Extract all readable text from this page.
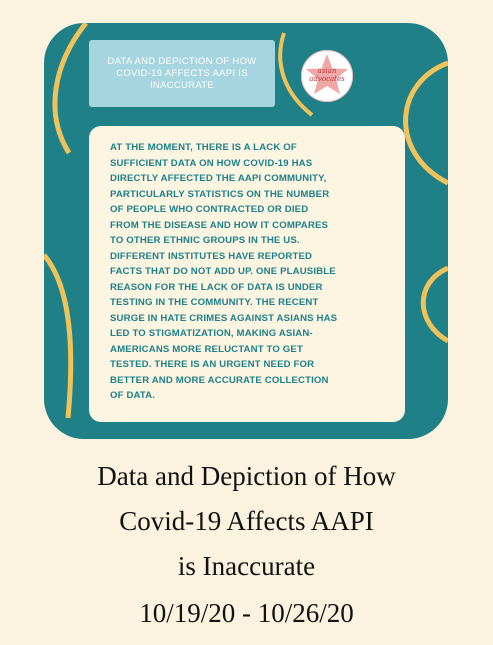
DATA AND DEPICTION OF HOW
COVID-19 AFFECTS AAPI IS
INACCURATE
asian
advocates
AT THE MOMENT, THERE IS A LACK OF
SUFFICIENT DATA ON HOW COVID-19 HAS
DIRECTLY AFFECTED THE AAPI COMMUNITY,
PARTICULARLY STATISTICS ON THE NUMBER
OF PEOPLE WHO CONTRACTED OR DIED
FROM THE DISEASE AND HOW IT COMPARES
TO OTHER ETHNIC GROUPS IN THE US.
DIFFERENT INSTITUTES HAVE REPORTED
FACTS THAT DO NOT ADD UP. ONE PLAUSIBLE
REASON FOR THE LACK OF DATA IS UNDER
TESTING IN THE COMMUNITY. THE RECENT
SURGE IN HATE CRIMES AGAINST ASIANS HAS
LED TO STIGMATIZATION, MAKING ASIAN-
AMERICANS MORE RELUCTANT TO GET
TESTED. THERE IS AN URGENT NEED FOR
BETTER AND MORE ACCURATE COLLECTION
OF DATA.
Data and Depiction of How
Covid-19 Affects AAPI
is Inaccurate
10/19/20 - 10/26/20
